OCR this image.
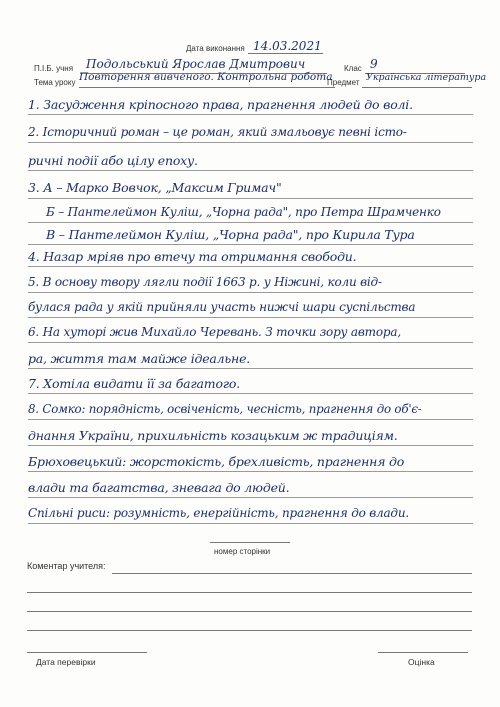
Дата виконання 14.03.2021
П.І.Б. учня Подольський Ярослав Дмитрович	Клас 9
Тема уроку Повторення вивченого. Контрольна робота
Предмет Українська література
1. Засудження кріпосного права, прагнення людей до волі.
2. Історичний роман – це роман, який змальовує певні істо-
ричні події або цілу епоху.
3. А – Марко Вовчок, „Максим Гримач"
Б – Пантелеймон Куліш, „Чорна рада", про Петра Шрамченко
В – Пантелеймон Куліш, „Чорна рада", про Кирила Тура
4. Назар мріяв про втечу та отримання свободи.
5. В основу твору лягли події 1663 р. у Ніжині, коли від-
булася рада у якій прийняли участь нижчі шари суспільства
6. На хуторі жив Михайло Черевань. З точки зору автора,
ра, життя там майже ідеальне.
7. Хотіла видати її за багатого.
8. Сомко: порядність, освіченість, чесність, прагнення до об'є-
днання України, прихильність козацьким ж традиціям.
Брюховецький: жорстокість, брехливість, прагнення до
влади та багатства, зневага до людей.
Спільні риси: розумність, енергійність, прагнення до влади.
номер сторінки
Коментар учителя:
Дата перевірки	Оцінка
